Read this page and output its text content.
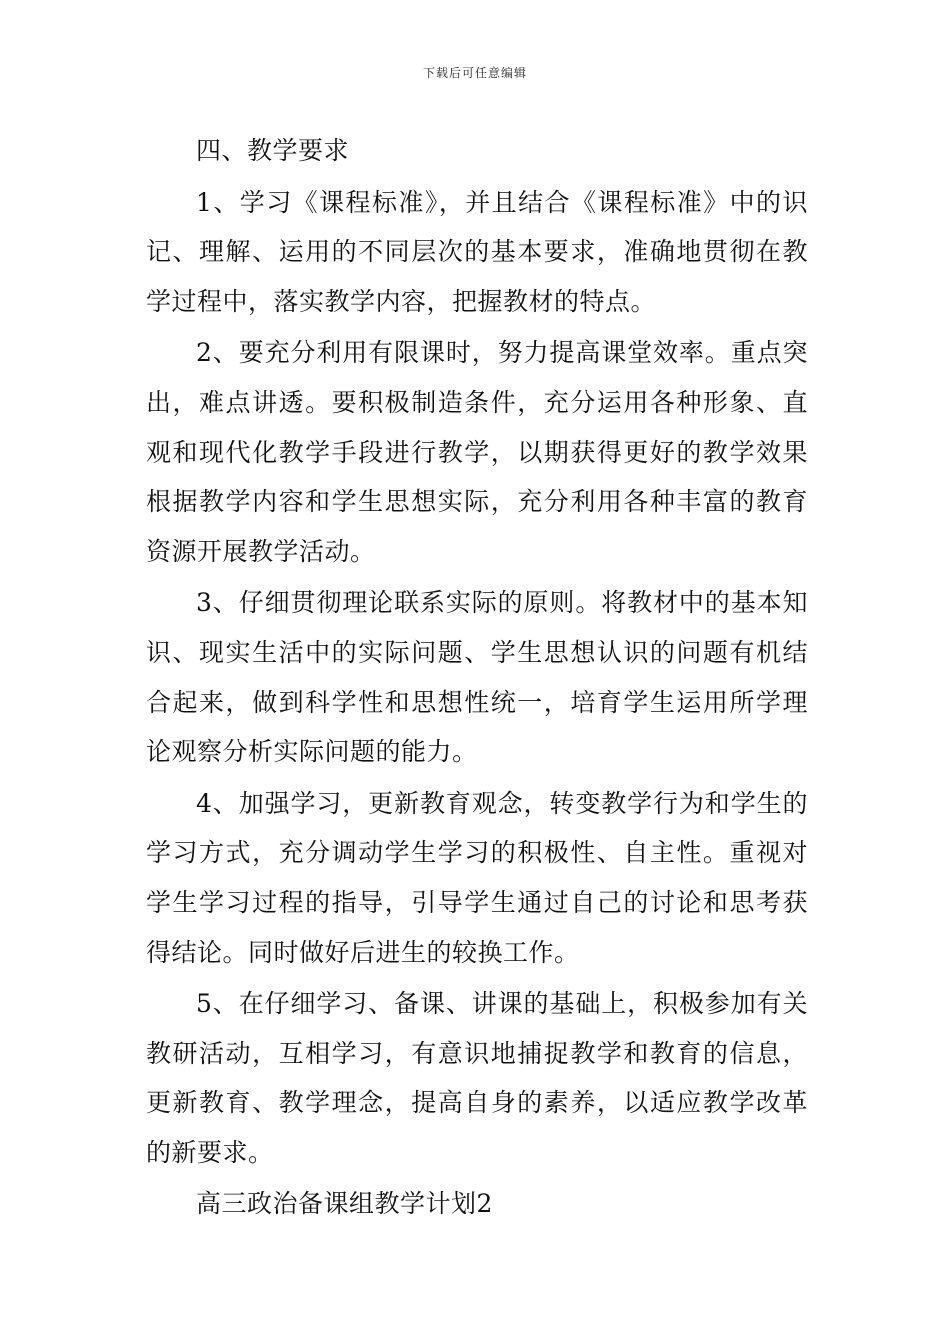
下载后可任意编辑

四、教学要求

1、学习《课程标准》，并且结合《课程标准》中的识记、理解、运用的不同层次的基本要求，准确地贯彻在教学过程中，落实教学内容，把握教材的特点。

2、要充分利用有限课时，努力提高课堂效率。重点突出，难点讲透。要积极制造条件，充分运用各种形象、直观和现代化教学手段进行教学，以期获得更好的教学效果根据教学内容和学生思想实际，充分利用各种丰富的教育资源开展教学活动。

3、仔细贯彻理论联系实际的原则。将教材中的基本知识、现实生活中的实际问题、学生思想认识的问题有机结合起来，做到科学性和思想性统一，培育学生运用所学理论观察分析实际问题的能力。

4、加强学习，更新教育观念，转变教学行为和学生的学习方式，充分调动学生学习的积极性、自主性。重视对学生学习过程的指导，引导学生通过自己的讨论和思考获得结论。同时做好后进生的较换工作。

5、在仔细学习、备课、讲课的基础上，积极参加有关教研活动，互相学习，有意识地捕捉教学和教育的信息，更新教育、教学理念，提高自身的素养，以适应教学改革的新要求。

高三政治备课组教学计划2
